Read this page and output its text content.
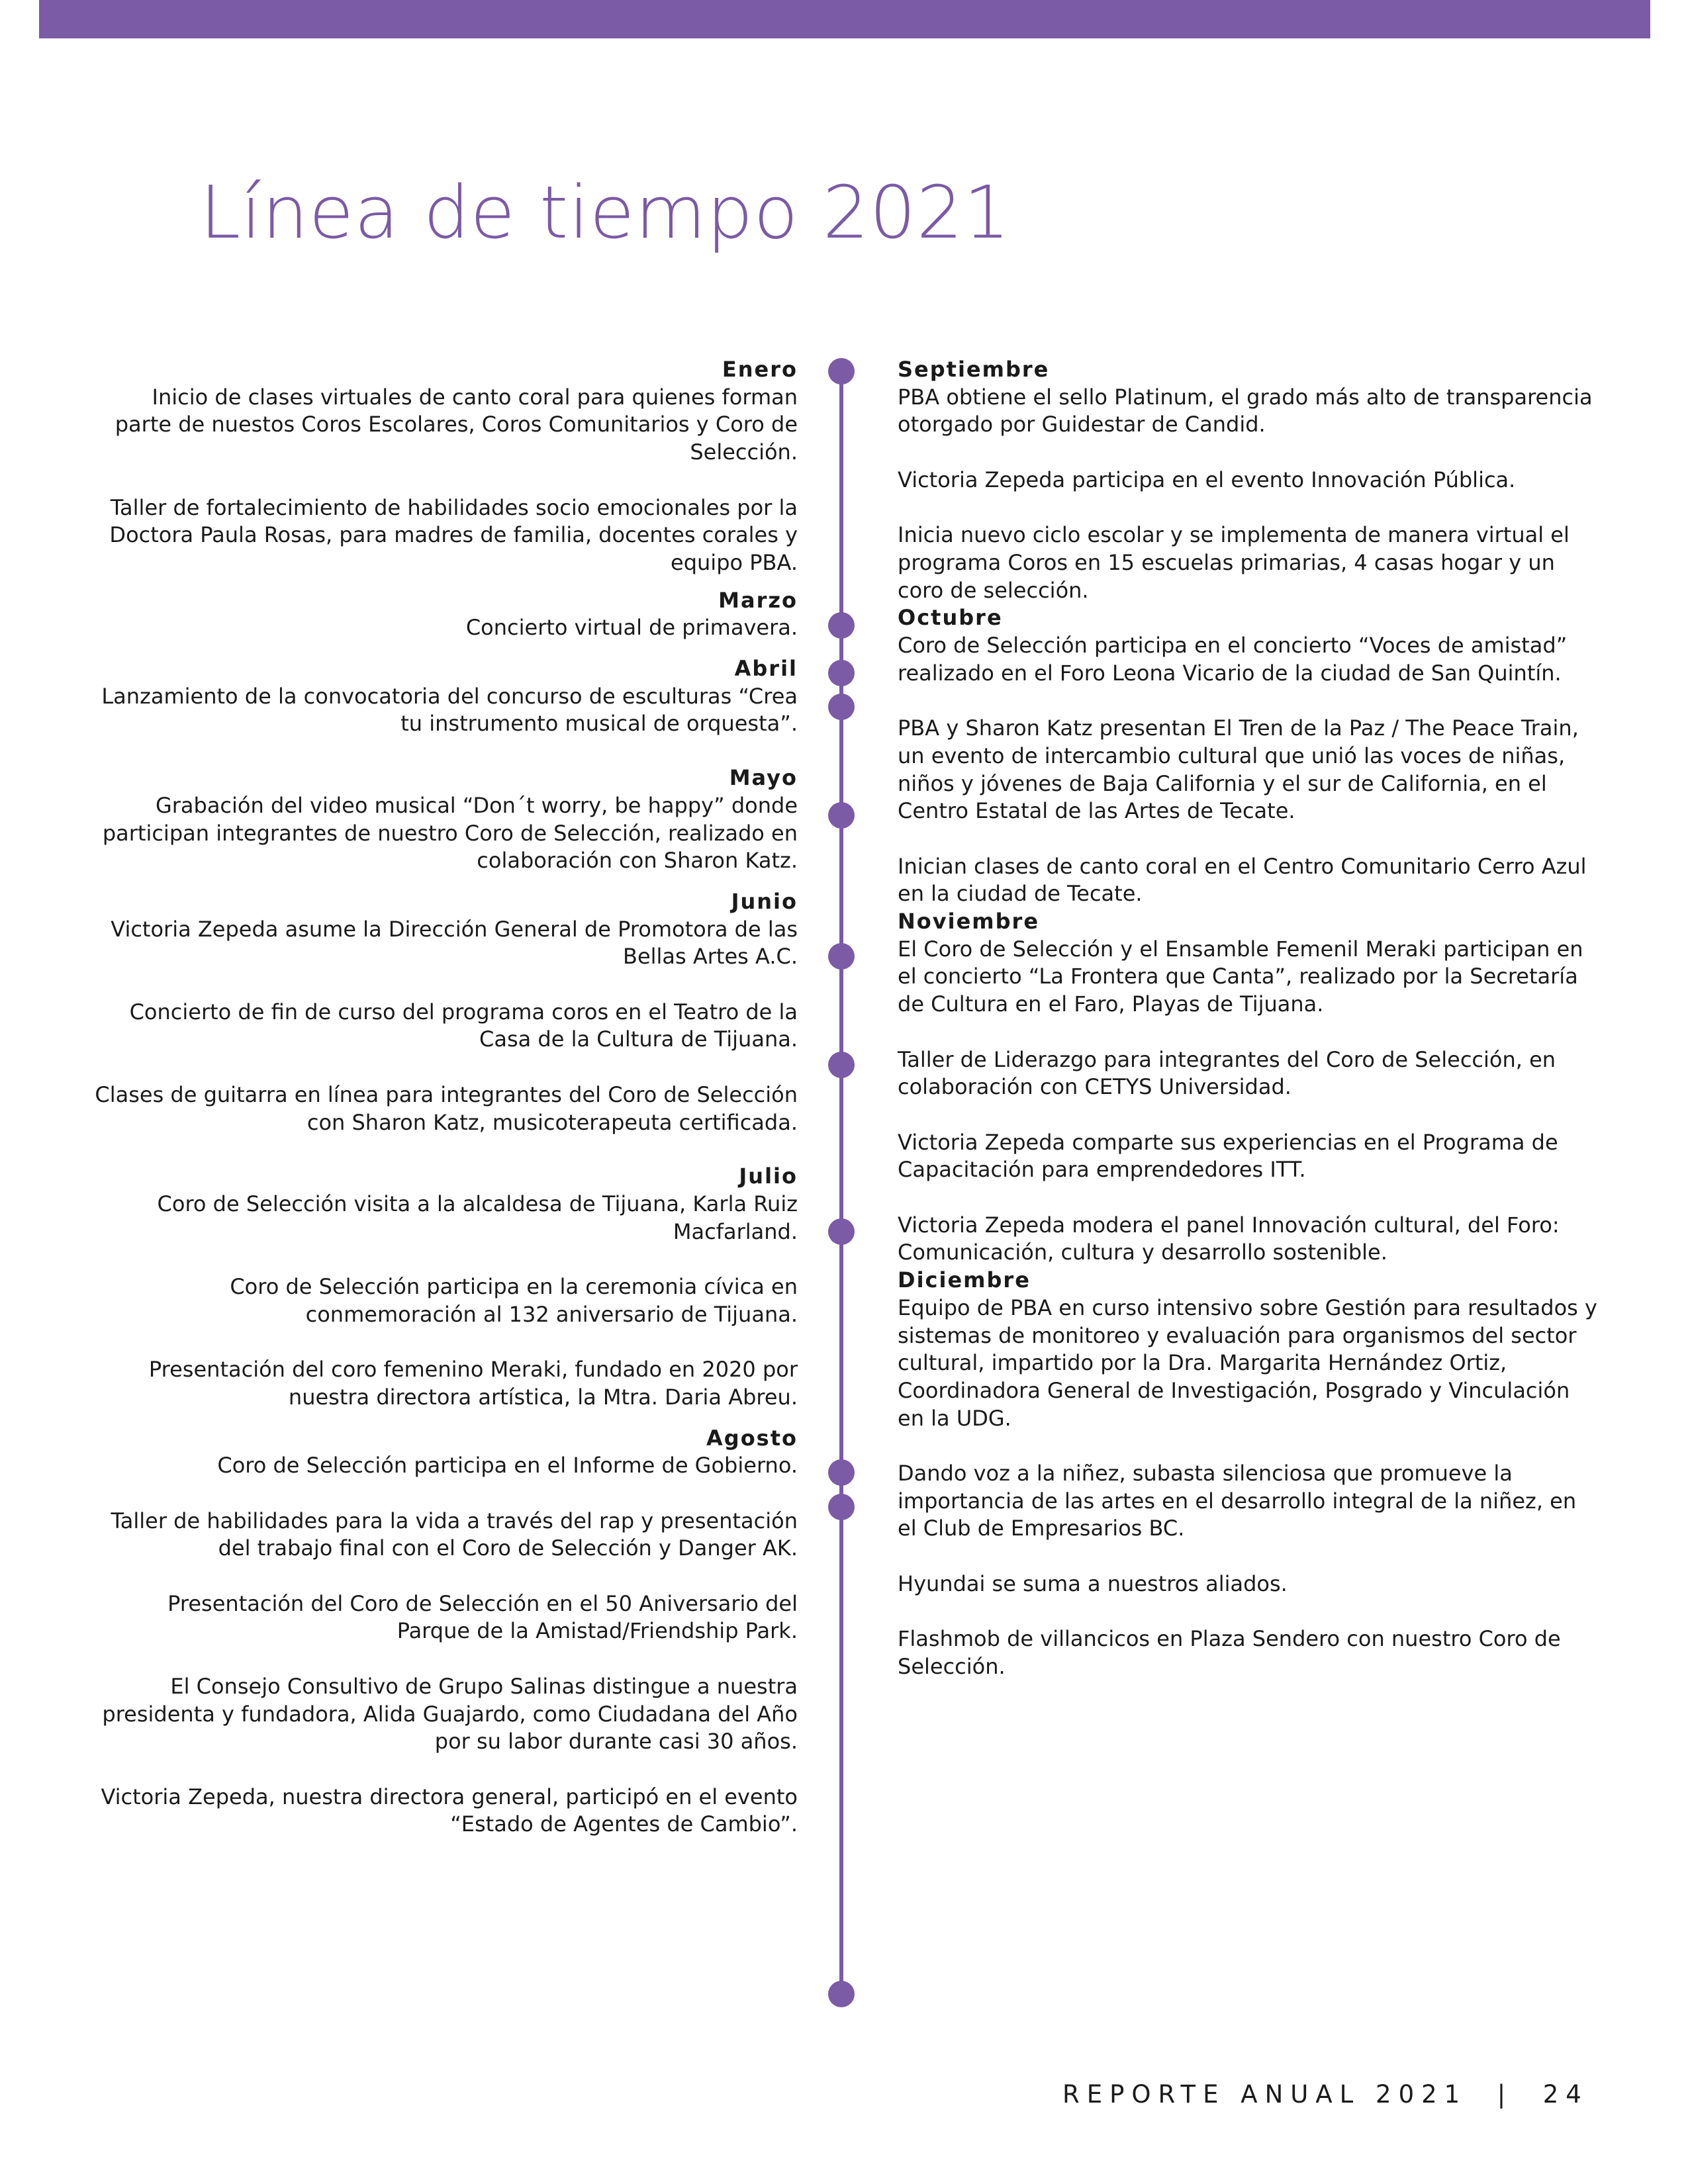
Línea de tiempo 2021
Enero

Inicio de clases virtuales de canto coral para quienes forman parte de nuestos Coros Escolares, Coros Comunitarios y Coro de Selección.

Taller de fortalecimiento de habilidades socio emocionales por la Doctora Paula Rosas, para madres de familia, docentes corales y equipo PBA.

Marzo

Concierto virtual de primavera.

Abril

Lanzamiento de la convocatoria del concurso de esculturas “Crea tu instrumento musical de orquesta”.

Mayo

Grabación del video musical “Don´t worry, be happy” donde participan integrantes de nuestro Coro de Selección, realizado en colaboración con Sharon Katz.

Junio

Victoria Zepeda asume la Dirección General de Promotora de las Bellas Artes A.C.

Concierto de fin de curso del programa coros en el Teatro de la Casa de la Cultura de Tijuana.

Clases de guitarra en línea para integrantes del Coro de Selección con Sharon Katz, musicoterapeuta certificada.

Julio

Coro de Selección visita a la alcaldesa de Tijuana, Karla Ruiz Macfarland.

Coro de Selección participa en la ceremonia cívica en conmemoración al 132 aniversario de Tijuana.

Presentación del coro femenino Meraki, fundado en 2020 por nuestra directora artística, la Mtra. Daria Abreu.

Agosto

Coro de Selección participa en el Informe de Gobierno.

Taller de habilidades para la vida a través del rap y presentación del trabajo final con el Coro de Selección y Danger AK.

Presentación del Coro de Selección en el 50 Aniversario del Parque de la Amistad/Friendship Park.

El Consejo Consultivo de Grupo Salinas distingue a nuestra presidenta y fundadora, Alida Guajardo, como Ciudadana del Año por su labor durante casi 30 años.

Victoria Zepeda, nuestra directora general, participó en el evento “Estado de Agentes de Cambio”.

Septiembre

PBA obtiene el sello Platinum, el grado más alto de transparencia otorgado por Guidestar de Candid.

Victoria Zepeda participa en el evento Innovación Pública.

Inicia nuevo ciclo escolar y se implementa de manera virtual el programa Coros en 15 escuelas primarias, 4 casas hogar y un coro de selección.

Octubre

Coro de Selección participa en el concierto “Voces de amistad” realizado en el Foro Leona Vicario de la ciudad de San Quintín.

PBA y Sharon Katz presentan El Tren de la Paz / The Peace Train, un evento de intercambio cultural que unió las voces de niñas, niños y jóvenes de Baja California y el sur de California, en el Centro Estatal de las Artes de Tecate.

Inician clases de canto coral en el Centro Comunitario Cerro Azul en la ciudad de Tecate.

Noviembre

El Coro de Selección y el Ensamble Femenil Meraki participan en el concierto “La Frontera que Canta”, realizado por la Secretaría de Cultura en el Faro, Playas de Tijuana.

Taller de Liderazgo para integrantes del Coro de Selección, en colaboración con CETYS Universidad.

Victoria Zepeda comparte sus experiencias en el Programa de Capacitación para emprendedores ITT.

Victoria Zepeda modera el panel Innovación cultural, del Foro: Comunicación, cultura y desarrollo sostenible.

Diciembre

Equipo de PBA en curso intensivo sobre Gestión para resultados y sistemas de monitoreo y evaluación para organismos del sector cultural, impartido por la Dra. Margarita Hernández Ortiz, Coordinadora General de Investigación, Posgrado y Vinculación en la UDG.

Dando voz a la niñez, subasta silenciosa que promueve la importancia de las artes en el desarrollo integral de la niñez, en el Club de Empresarios BC.

Hyundai se suma a nuestros aliados.

Flashmob de villancicos en Plaza Sendero con nuestro Coro de Selección.

REPORTE ANUAL 2021  |  24
